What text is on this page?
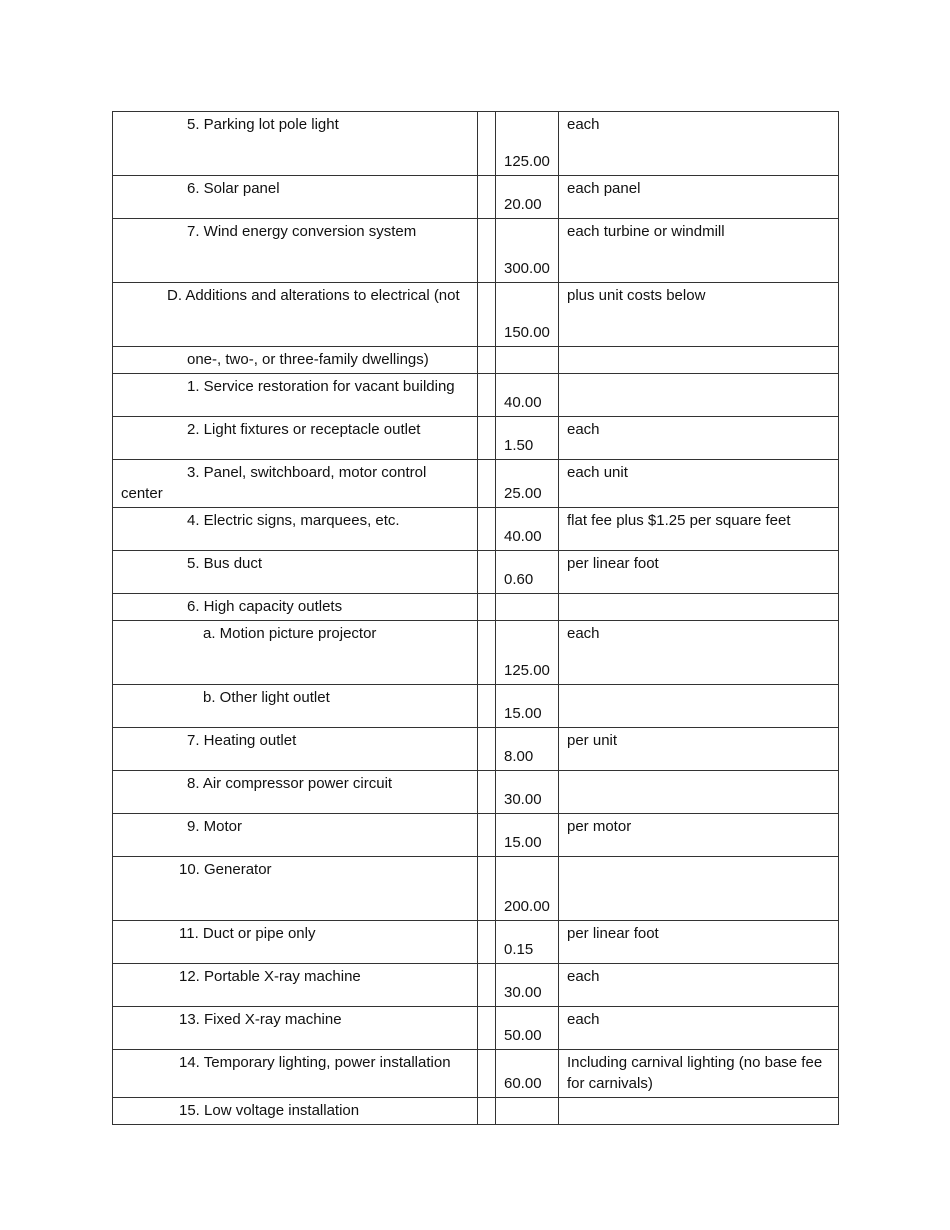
5. Parking lot pole light		125.00	each

6. Solar panel		20.00	each panel

7. Wind energy conversion system		300.00	each turbine or windmill
D. Additions and alterations to electrical (not		150.00	plus unit costs below

one-, two-, or three-family dwellings)			

1. Service restoration for vacant building		40.00	

2. Light fixtures or receptacle outlet		1.50	each
3. Panel, switchboard, motor control center		25.00	each unit

4. Electric signs, marquees, etc.		40.00	flat fee plus $1.25 per square feet

5. Bus duct		0.60	per linear foot

6. High capacity outlets			

a. Motion picture projector		125.00	each

b. Other light outlet		15.00	

7. Heating outlet		8.00	per unit

8. Air compressor power circuit		30.00	

9. Motor		15.00	per motor

10. Generator		200.00	

11. Duct or pipe only		0.15	per linear foot

12. Portable X-ray machine		30.00	each

13. Fixed X-ray machine		50.00	each

14. Temporary lighting, power installation		60.00	Including carnival lighting (no base fee for carnivals)

15. Low voltage installation			
